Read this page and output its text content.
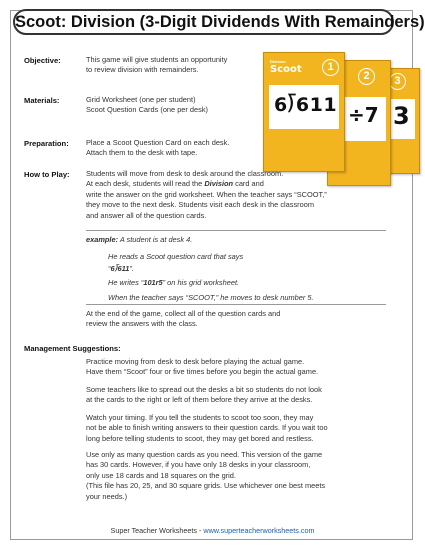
Scoot: Division (3-Digit Dividends With Remainders)
3
3
2
÷7
Division
Scoot	1
6⟌611
Objective:	This game will give students an opportunity
to review division with remainders.
Materials:	Grid Worksheet (one per student)
Scoot Question Cards (one per desk)
Preparation: Place a Scoot Question Card on each desk.
Attach them to the desk with tape.
How to Play: Students will move from desk to desk around the classroom.
At each desk, students will read the Division card and
write the answer on the grid worksheet. When the teacher says “SCOOT,”
they move to the next desk. Students visit each desk in the classroom
and answer all of the question cards.
example: A student is at desk 4.
He reads a Scoot question card that says
“6⟌611”.
He writes “101r5” on his grid worksheet.
When the teacher says “SCOOT,” he moves to desk number 5.
At the end of the game, collect all of the question cards and
review the answers with the class.
Management Suggestions:
Practice moving from desk to desk before playing the actual game.
Have them “Scoot” four or five times before you begin the actual game.
Some teachers like to spread out the desks a bit so students do not look
at the cards to the right or left of them before they arrive at the desks.
Watch your timing. If you tell the students to scoot too soon, they may
not be able to finish writing answers to their question cards. If you wait too
long before telling students to scoot, they may get bored and restless.
Use only as many question cards as you need. This version of the game
has 30 cards. However, if you have only 18 desks in your classroom,
only use 18 cards and 18 squares on the grid.
(This file has 20, 25, and 30 square grids. Use whichever one best meets
your needs.)
Super Teacher Worksheets - www.superteacherworksheets.com
